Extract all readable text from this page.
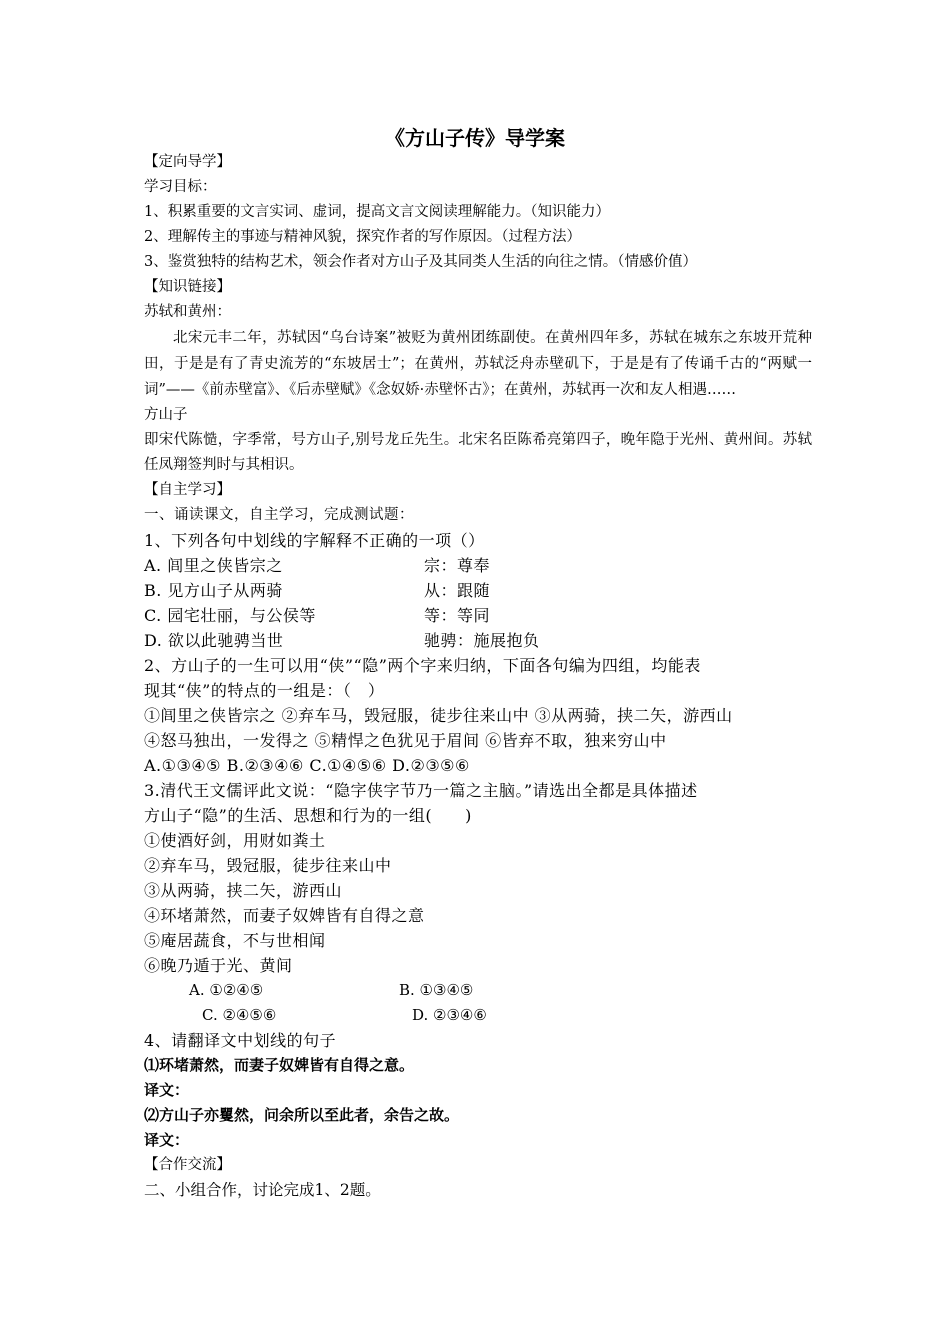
《方山子传》导学案
【定向导学】
学习目标：
1、积累重要的文言实词、虚词，提高文言文阅读理解能力。（知识能力）
2、理解传主的事迹与精神风貌，探究作者的写作原因。（过程方法）
3、鉴赏独特的结构艺术，领会作者对方山子及其同类人生活的向往之情。（情感价值）
【知识链接】
苏轼和黄州：
北宋元丰二年，苏轼因“乌台诗案”被贬为黄州团练副使。在黄州四年多，苏轼在城东之东坡开荒种田，于是是有了青史流芳的“东坡居士”；在黄州，苏轼泛舟赤壁矶下，于是是有了传诵千古的“两赋一词”——《前赤壁富》、《后赤壁赋》《念奴娇·赤壁怀古》；在黄州，苏轼再一次和友人相遇……
方山子
即宋代陈慥，字季常，号方山子,别号龙丘先生。北宋名臣陈希亮第四子，晚年隐于光州、黄州间。苏轼任凤翔签判时与其相识。
【自主学习】
一、诵读课文，自主学习，完成测试题：
1、下列各句中划线的字解释不正确的一项（）
A. 闾里之侠皆宗之	宗：尊奉
B. 见方山子从两骑	从：跟随
C. 园宅壮丽，与公侯等	等：等同
D. 欲以此驰骋当世	驰骋：施展抱负
2、方山子的一生可以用“侠”“隐”两个字来归纳，下面各句编为四组，均能表
现其“侠”的特点的一组是：（　）
①闾里之侠皆宗之 ②弃车马，毁冠服，徒步往来山中 ③从两骑，挟二矢，游西山
④怒马独出，一发得之 ⑤精悍之色犹见于眉间 ⑥皆弃不取，独来穷山中
A.①③④⑤ B.②③④⑥ C.①④⑤⑥ D.②③⑤⑥
3.清代王文儒评此文说：“隐字侠字节乃一篇之主脑。”请选出全都是具体描述
方山子“隐”的生活、思想和行为的一组(　　)
①使酒好剑，用财如粪土
②弃车马，毁冠服，徒步往来山中
③从两骑，挟二矢，游西山
④环堵萧然，而妻子奴婢皆有自得之意
⑤庵居蔬食，不与世相闻
⑥晚乃遁于光、黄间
A. ①②④⑤	B. ①③④⑤
C. ②④⑤⑥	D. ②③④⑥
4、请翻译文中划线的句子
⑴环堵萧然，而妻子奴婢皆有自得之意。
译文：
⑵方山子亦矍然，问余所以至此者，余告之故。
译文：
【合作交流】
二、小组合作，讨论完成1、2题。
